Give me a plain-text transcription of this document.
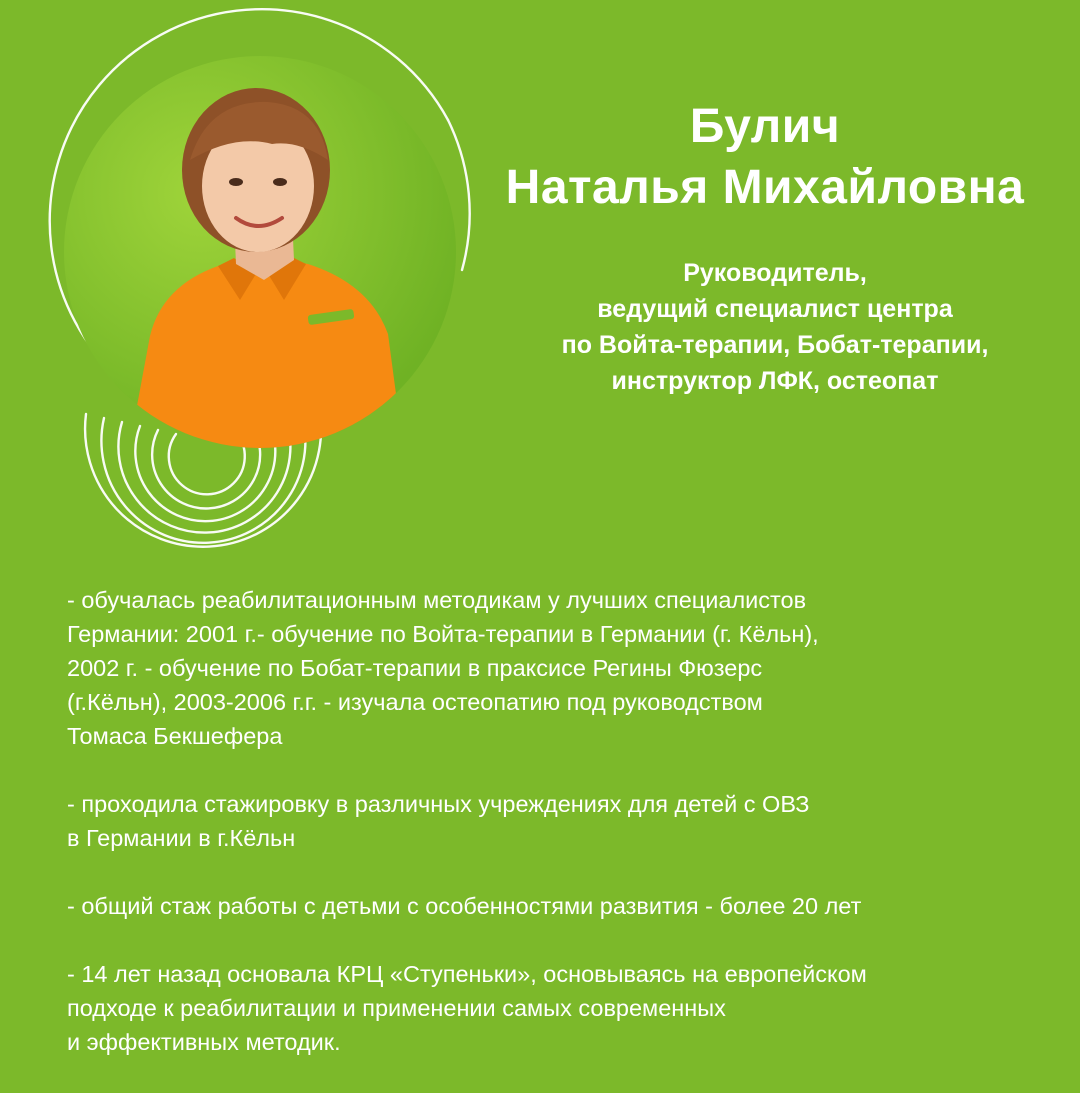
Булич
Наталья Михайловна
Руководитель,
ведущий специалист центра
по Войта-терапии, Бобат-терапии,
инструктор ЛФК, остеопат
- обучалась реабилитационным методикам у лучших специалистов
Германии: 2001 г.- обучение по Войта-терапии в Германии (г. Кёльн),
2002 г. - обучение по Бобат-терапии в праксисе Регины Фюзерс
(г.Кёльн), 2003-2006 г.г. - изучала остеопатию под руководством
Томаса Бекшефера
- проходила стажировку в различных учреждениях для детей с ОВЗ
в Германии в г.Кёльн
- общий стаж работы с детьми с особенностями развития - более 20 лет
- 14 лет назад основала КРЦ «Ступеньки», основываясь на европейском
подходе к реабилитации и применении самых современных
и эффективных методик.
